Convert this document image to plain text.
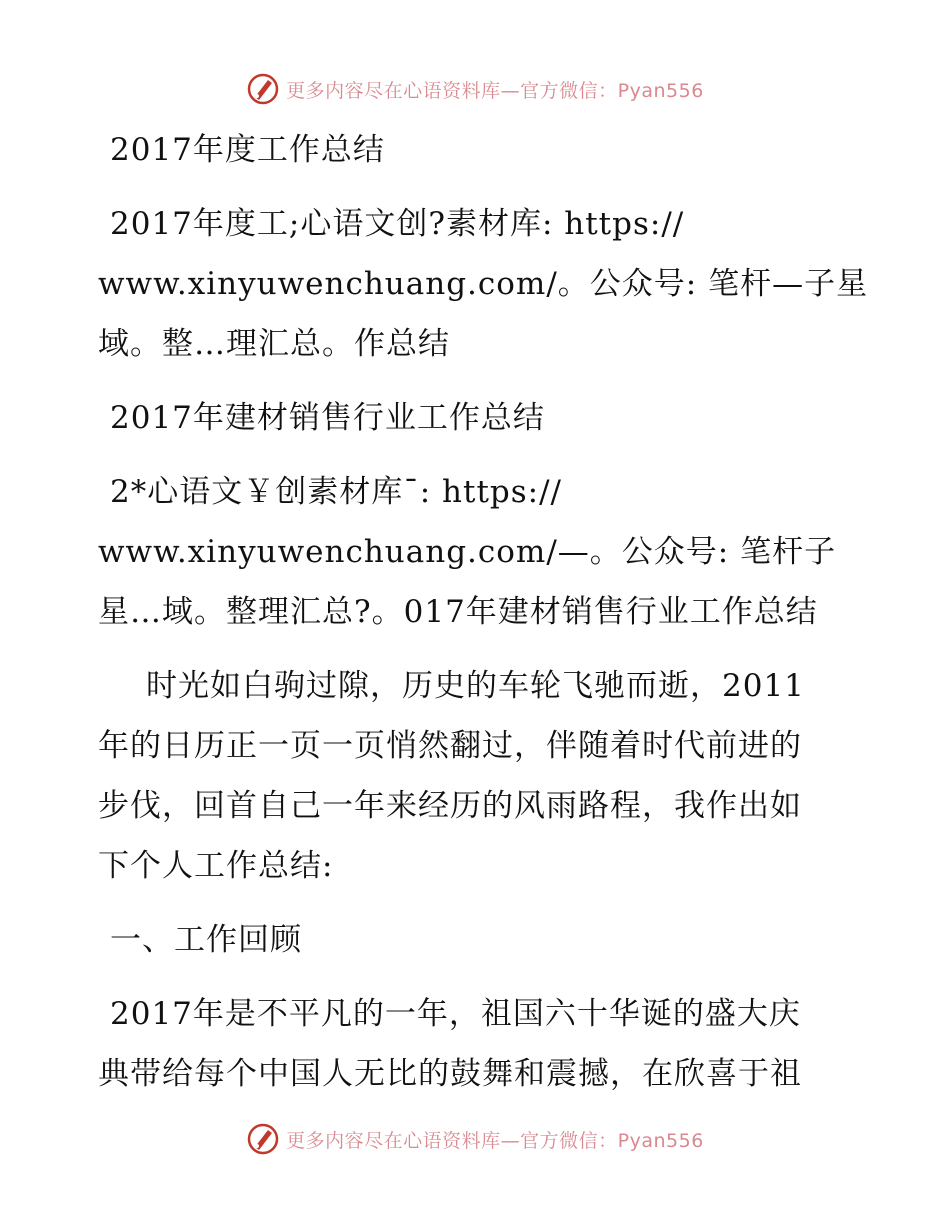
更多内容尽在心语资料库—官方微信：Pyan556
2017年度工作总结
2017年度工;心语文创?素材库: https://
www.xinyuwenchuang.com/。公众号: 笔杆—子星
域。整…理汇总。作总结
2017年建材销售行业工作总结
2*心语文￥创素材库¯: https://
www.xinyuwenchuang.com/—。公众号: 笔杆子
星…域。整理汇总?。017年建材销售行业工作总结
时光如白驹过隙，历史的车轮飞驰而逝，2011
年的日历正一页一页悄然翻过，伴随着时代前进的
步伐，回首自己一年来经历的风雨路程，我作出如
下个人工作总结:
一、工作回顾
2017年是不平凡的一年，祖国六十华诞的盛大庆
典带给每个中国人无比的鼓舞和震撼，在欣喜于祖
更多内容尽在心语资料库—官方微信：Pyan556
